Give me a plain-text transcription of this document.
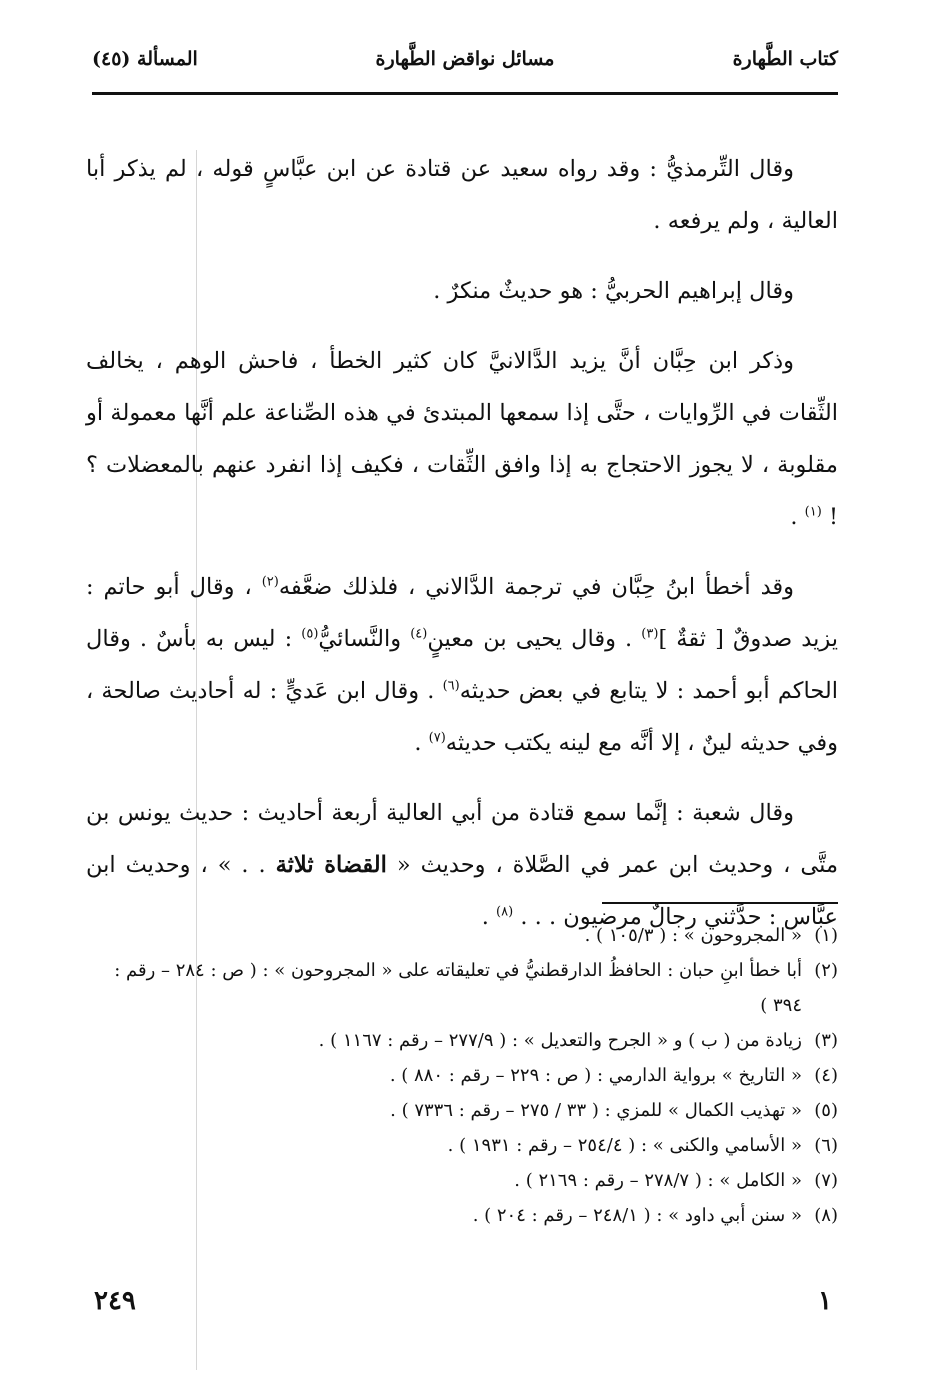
كتاب الطَّهارة
مسائل نواقض الطَّهارة
المسألة (٤٥)

وقال التِّرمذيُّ : وقد رواه سعيد عن قتادة عن ابن عبَّاسٍ قوله ، لم يذكر أبا العالية ، ولم يرفعه .

وقال إبراهيم الحربيُّ : هو حديثٌ منكرٌ .

وذكر ابن حِبَّان أنَّ يزيد الدَّالانيَّ كان كثير الخطأ ، فاحش الوهم ، يخالف الثِّقات في الرِّوايات ، حتَّى إذا سمعها المبتدئ في هذه الصِّناعة علم أنَّها معمولة أو مقلوبة ، لا يجوز الاحتجاج به إذا وافق الثِّقات ، فكيف إذا انفرد عنهم بالمعضلات ؟ ! $^{(١)}$ .

وقد أخطأ ابنُ حِبَّان في ترجمة الدَّالاني ، فلذلك ضعَّفه$^{(٢)}$ ، وقال أبو حاتم : يزيد صدوقٌ [ ثقةٌ ]$^{(٣)}$ . وقال يحيى بن معينٍ$^{(٤)}$ والنَّسائيُّ$^{(٥)}$ : ليس به بأسٌ . وقال الحاكم أبو أحمد : لا يتابع في بعض حديثه$^{(٦)}$ . وقال ابن عَديٍّ : له أحاديث صالحة ، وفي حديثه لينٌ ، إلا أنَّه مع لينه يكتب حديثه$^{(٧)}$ .

وقال شعبة : إنَّما سمع قتادة من أبي العالية أربعة أحاديث : حديث يونس بن متَّى ، وحديث ابن عمر في الصَّلاة ، وحديث « القضاة ثلاثة . . » ، وحديث ابن عبَّاس : حدَّثني رجالٌ مرضيون . . . $^{(٨)}$ .

(١)
« المجروحون » : ( ١٠٥/٣ ) .
(٢)
أبا خطأ ابنِ حبان : الحافظُ الدارقطنيُّ في تعليقاته على « المجروحون » : ( ص : ٢٨٤ – رقم : ٣٩٤ )
(٣)
زيادة من ( ب ) و « الجرح والتعديل » : ( ٢٧٧/٩ – رقم : ١١٦٧ ) .
(٤)
« التاريخ » برواية الدارمي : ( ص : ٢٢٩ – رقم : ٨٨٠ ) .
(٥)
« تهذيب الكمال » للمزي : ( ٣٣ / ٢٧٥ – رقم : ٧٣٣٦ ) .
(٦)
« الأسامي والكنى » : ( ٢٥٤/٤ – رقم : ١٩٣١ ) .
(٧)
« الكامل » : ( ٢٧٨/٧ – رقم : ٢١٦٩ ) .
(٨)
« سنن أبي داود » : ( ٢٤٨/١ – رقم : ٢٠٤ ) .
١
٢٤٩
